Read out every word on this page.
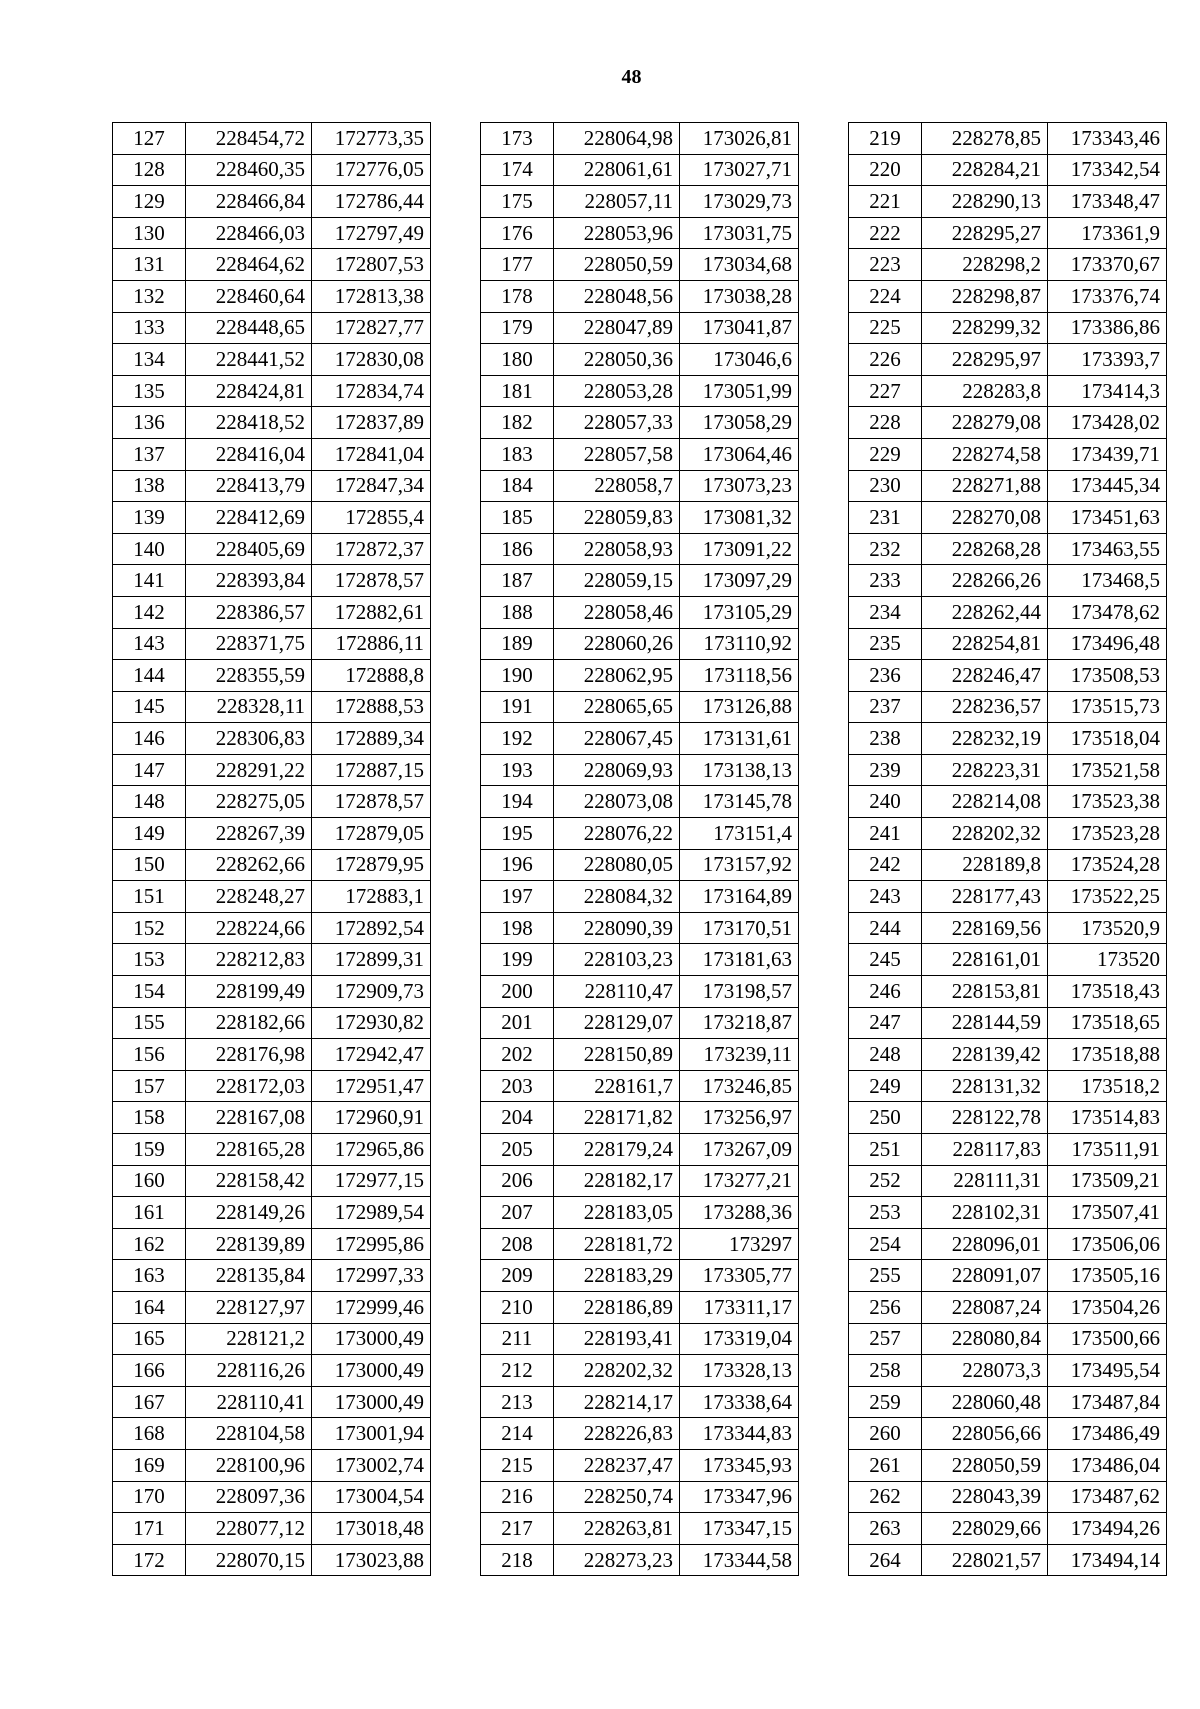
48
127	228454,72	172773,35
128	228460,35	172776,05
129	228466,84	172786,44
130	228466,03	172797,49
131	228464,62	172807,53
132	228460,64	172813,38
133	228448,65	172827,77
134	228441,52	172830,08
135	228424,81	172834,74
136	228418,52	172837,89
137	228416,04	172841,04
138	228413,79	172847,34
139	228412,69	172855,4
140	228405,69	172872,37
141	228393,84	172878,57
142	228386,57	172882,61
143	228371,75	172886,11
144	228355,59	172888,8
145	228328,11	172888,53
146	228306,83	172889,34
147	228291,22	172887,15
148	228275,05	172878,57
149	228267,39	172879,05
150	228262,66	172879,95
151	228248,27	172883,1
152	228224,66	172892,54
153	228212,83	172899,31
154	228199,49	172909,73
155	228182,66	172930,82
156	228176,98	172942,47
157	228172,03	172951,47
158	228167,08	172960,91
159	228165,28	172965,86
160	228158,42	172977,15
161	228149,26	172989,54
162	228139,89	172995,86
163	228135,84	172997,33
164	228127,97	172999,46
165	228121,2	173000,49
166	228116,26	173000,49
167	228110,41	173000,49
168	228104,58	173001,94
169	228100,96	173002,74
170	228097,36	173004,54
171	228077,12	173018,48
172	228070,15	173023,88
173	228064,98	173026,81
174	228061,61	173027,71
175	228057,11	173029,73
176	228053,96	173031,75
177	228050,59	173034,68
178	228048,56	173038,28
179	228047,89	173041,87
180	228050,36	173046,6
181	228053,28	173051,99
182	228057,33	173058,29
183	228057,58	173064,46
184	228058,7	173073,23
185	228059,83	173081,32
186	228058,93	173091,22
187	228059,15	173097,29
188	228058,46	173105,29
189	228060,26	173110,92
190	228062,95	173118,56
191	228065,65	173126,88
192	228067,45	173131,61
193	228069,93	173138,13
194	228073,08	173145,78
195	228076,22	173151,4
196	228080,05	173157,92
197	228084,32	173164,89
198	228090,39	173170,51
199	228103,23	173181,63
200	228110,47	173198,57
201	228129,07	173218,87
202	228150,89	173239,11
203	228161,7	173246,85
204	228171,82	173256,97
205	228179,24	173267,09
206	228182,17	173277,21
207	228183,05	173288,36
208	228181,72	173297
209	228183,29	173305,77
210	228186,89	173311,17
211	228193,41	173319,04
212	228202,32	173328,13
213	228214,17	173338,64
214	228226,83	173344,83
215	228237,47	173345,93
216	228250,74	173347,96
217	228263,81	173347,15
218	228273,23	173344,58
219	228278,85	173343,46
220	228284,21	173342,54
221	228290,13	173348,47
222	228295,27	173361,9
223	228298,2	173370,67
224	228298,87	173376,74
225	228299,32	173386,86
226	228295,97	173393,7
227	228283,8	173414,3
228	228279,08	173428,02
229	228274,58	173439,71
230	228271,88	173445,34
231	228270,08	173451,63
232	228268,28	173463,55
233	228266,26	173468,5
234	228262,44	173478,62
235	228254,81	173496,48
236	228246,47	173508,53
237	228236,57	173515,73
238	228232,19	173518,04
239	228223,31	173521,58
240	228214,08	173523,38
241	228202,32	173523,28
242	228189,8	173524,28
243	228177,43	173522,25
244	228169,56	173520,9
245	228161,01	173520
246	228153,81	173518,43
247	228144,59	173518,65
248	228139,42	173518,88
249	228131,32	173518,2
250	228122,78	173514,83
251	228117,83	173511,91
252	228111,31	173509,21
253	228102,31	173507,41
254	228096,01	173506,06
255	228091,07	173505,16
256	228087,24	173504,26
257	228080,84	173500,66
258	228073,3	173495,54
259	228060,48	173487,84
260	228056,66	173486,49
261	228050,59	173486,04
262	228043,39	173487,62
263	228029,66	173494,26
264	228021,57	173494,14
